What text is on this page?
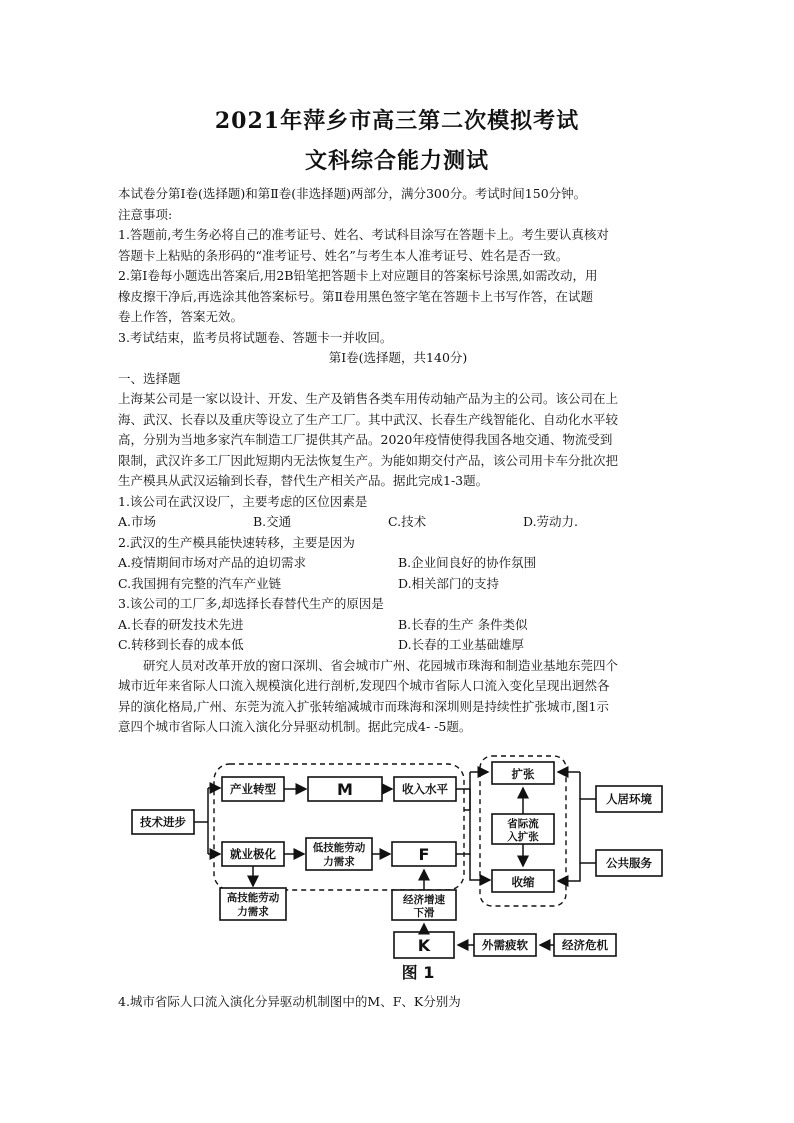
2021年萍乡市高三第二次模拟考试
文科综合能力测试
本试卷分第Ⅰ卷(选择题)和第Ⅱ卷(非选择题)两部分，满分300分。考试时间150分钟。
注意事项:
1.答题前,考生务必将自己的准考证号、姓名、考试科目涂写在答题卡上。考生要认真核对
答题卡上粘贴的条形码的“准考证号、姓名”与考生本人准考证号、姓名是否一致。
2.第Ⅰ卷每小题选出答案后,用2B铅笔把答题卡上对应题目的答案标号涂黑,如需改动，用
橡皮擦干净后,再选涂其他答案标号。第Ⅱ卷用黑色签字笔在答题卡上书写作答，在试题
卷上作答，答案无效。
3.考试结束，监考员将试题卷、答题卡一并收回。
第Ⅰ卷(选择题，共140分)
一、选择题
上海某公司是一家以设计、开发、生产及销售各类车用传动轴产品为主的公司。该公司在上
海、武汉、长春以及重庆等设立了生产工厂。其中武汉、长春生产线智能化、自动化水平较
高，分别为当地多家汽车制造工厂提供其产品。2020年疫情使得我国各地交通、物流受到
限制，武汉许多工厂因此短期内无法恢复生产。为能如期交付产品，该公司用卡车分批次把
生产模具从武汉运输到长春，替代生产相关产品。据此完成1-3题。
1.该公司在武汉设厂，主要考虑的区位因素是
A.市场	B.交通	C.技术	D.劳动力.
2.武汉的生产模具能快速转移，主要是因为
A.疫情期间市场对产品的迫切需求	B.企业间良好的协作氛围
C.我国拥有完整的汽车产业链	D.相关部门的支持
3.该公司的工厂多,却选择长春替代生产的原因是
A.长春的研发技术先进	B.长春的生产 条件类似
C.转移到长春的成本低	D.长春的工业基础雄厚
研究人员对改革开放的窗口深圳、省会城市广州、花园城市珠海和制造业基地东莞四个
城市近年来省际人口流入规模演化进行剖析,发现四个城市省际人口流入变化呈现出迥然各
异的演化格局,广州、东莞为流入扩张转缩减城市而珠海和深圳则是持续性扩张城市,图1示
意四个城市省际人口流入演化分异驱动机制。据此完成4- -5题。
技术进步
产业转型	M	收入水平
就业极化	低技能劳动
力需求	F
高技能劳动
力需求
经济增速
下滑
K	外需疲软	经济危机
扩张
省际流
入扩张
收缩
人居环境
公共服务
图 1
4.城市省际人口流入演化分异驱动机制图中的M、F、K分别为
